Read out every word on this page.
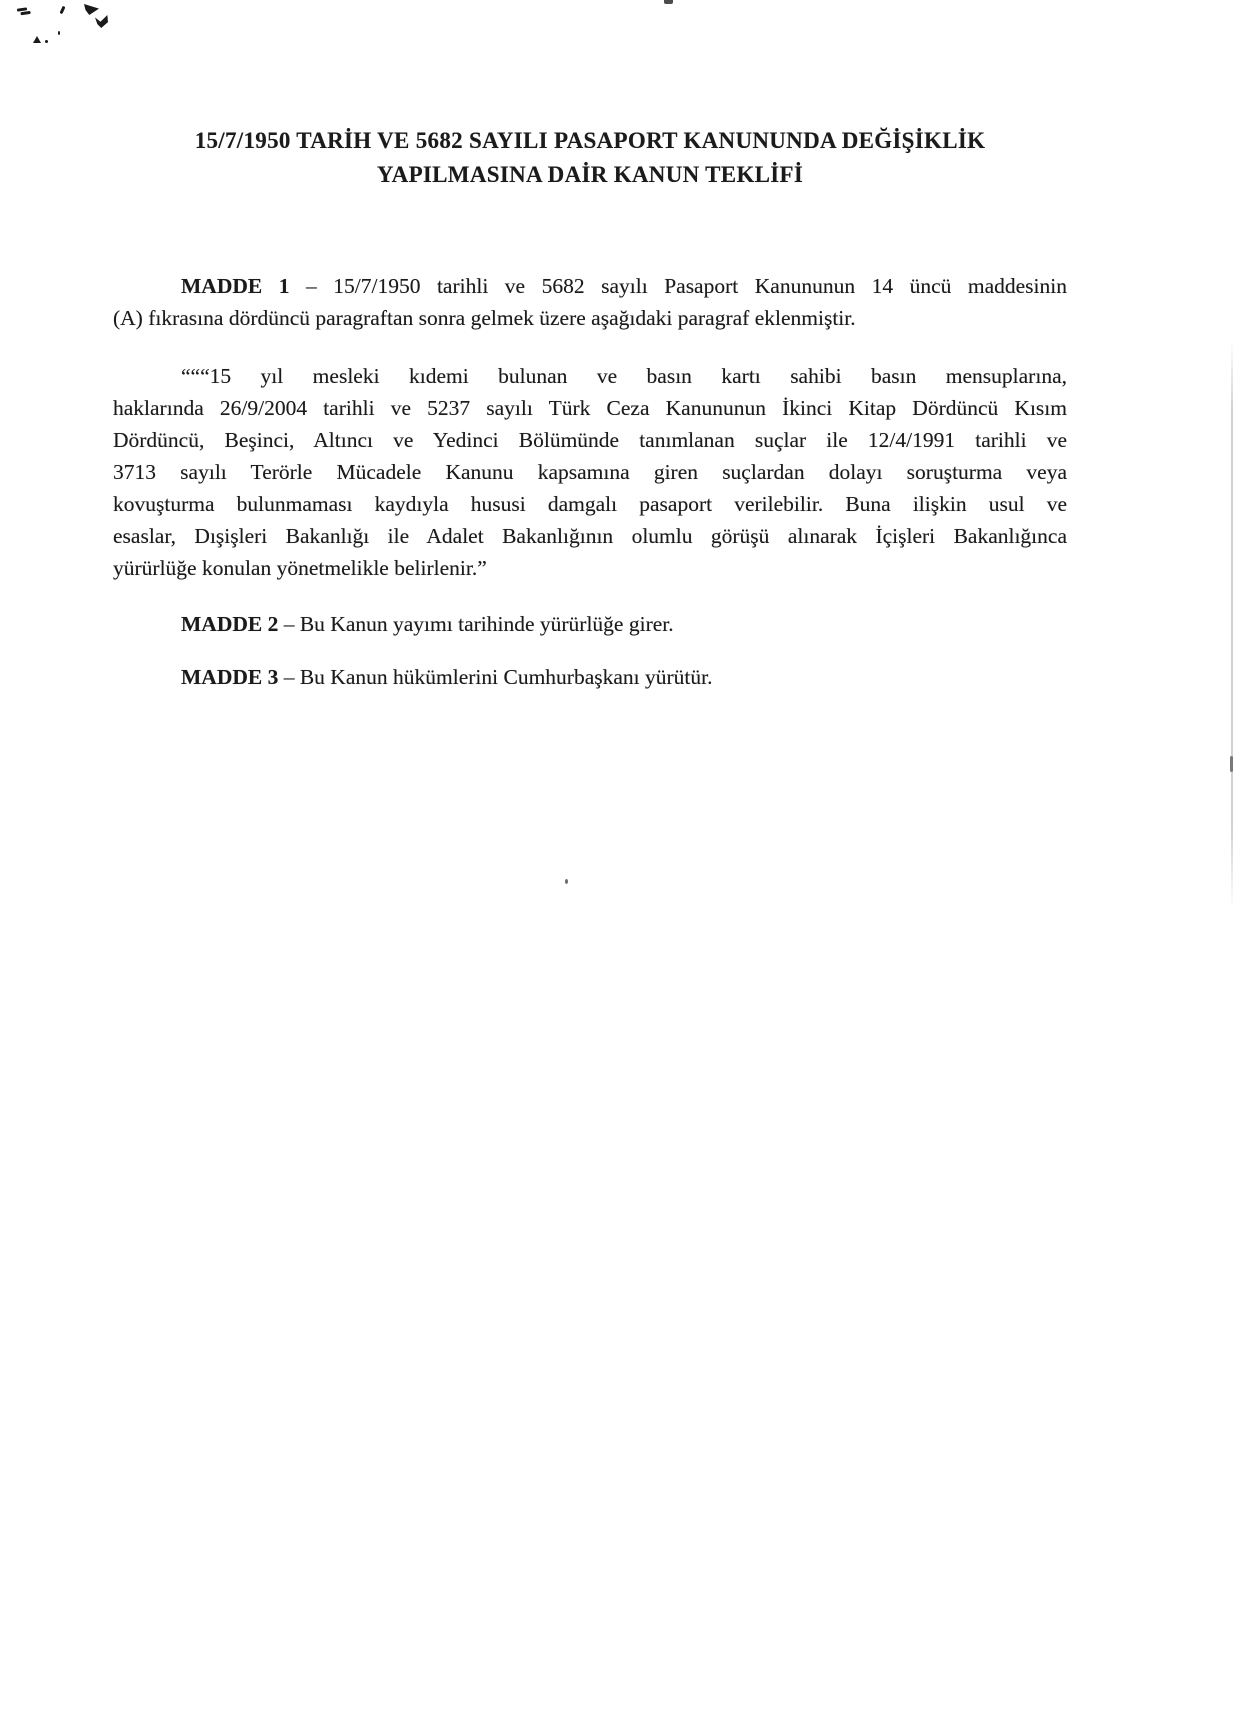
15/7/1950 TARİH VE 5682 SAYILI PASAPORT KANUNUNDA DEĞİŞİKLİK
YAPILMASINA DAİR KANUN TEKLİFİ

MADDE 1 – 15/7/1950 tarihli ve 5682 sayılı Pasaport Kanununun 14 üncü maddesinin
(A) fıkrasına dördüncü paragraftan sonra gelmek üzere aşağıdaki paragraf eklenmiştir.

“““15 yıl mesleki kıdemi bulunan ve basın kartı sahibi basın mensuplarına,
haklarında 26/9/2004 tarihli ve 5237 sayılı Türk Ceza Kanununun İkinci Kitap Dördüncü Kısım
Dördüncü, Beşinci, Altıncı ve Yedinci Bölümünde tanımlanan suçlar ile 12/4/1991 tarihli ve
3713 sayılı Terörle Mücadele Kanunu kapsamına giren suçlardan dolayı soruşturma veya
kovuşturma bulunmaması kaydıyla hususi damgalı pasaport verilebilir. Buna ilişkin usul ve
esaslar, Dışişleri Bakanlığı ile Adalet Bakanlığının olumlu görüşü alınarak İçişleri Bakanlığınca
yürürlüğe konulan yönetmelikle belirlenir.”

MADDE 2 – Bu Kanun yayımı tarihinde yürürlüğe girer.

MADDE 3 – Bu Kanun hükümlerini Cumhurbaşkanı yürütür.
